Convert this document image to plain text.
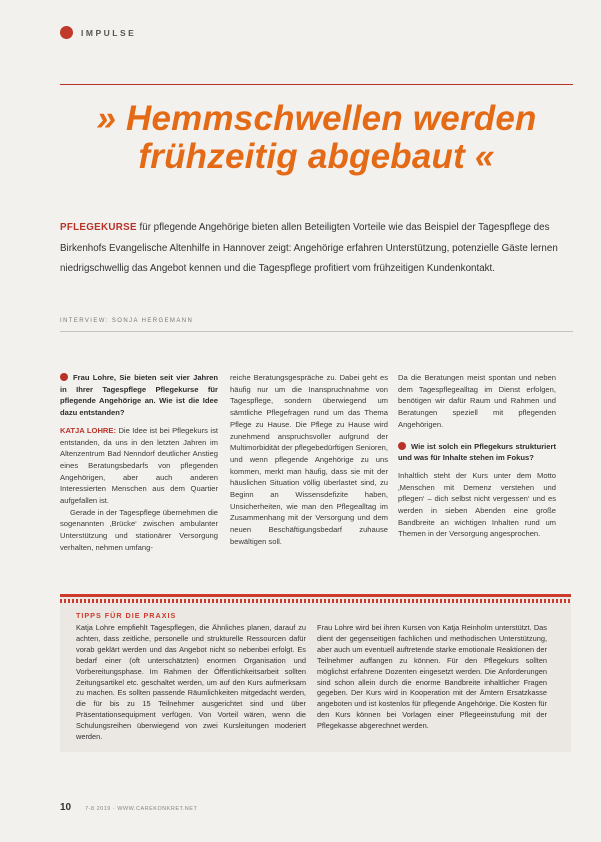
IMPULSE
» Hemmschwellen werden
frühzeitig abgebaut «

PFLEGEKURSE für pflegende Angehörige bieten allen Beteiligten Vorteile wie das Beispiel der Tagespflege des Birkenhofs Evangelische Altenhilfe in Hannover zeigt: Angehörige erfahren Unterstützung, potenzielle Gäste lernen niedrigschwellig das Angebot kennen und die Tagespflege profitiert vom frühzeitigen Kundenkontakt.

INTERVIEW: SONJA HERGEMANN

Frau Lohre, Sie bieten seit vier Jahren in Ihrer Tagespflege Pflegekurse für pflegende Angehörige an. Wie ist die Idee dazu entstanden?

KATJA LOHRE: Die Idee ist bei Pflegekurs ist entstanden, da uns in den letzten Jahren im Altenzentrum Bad Nenndorf deutlicher Anstieg eines Beratungsbedarfs von pflegenden Angehörigen, aber auch anderen Interessierten Menschen aus dem Quartier aufgefallen ist.

Gerade in der Tagespflege übernehmen die sogenannten ‚Brücke‘ zwischen ambulanter Unterstützung und stationärer Versorgung verhalten, nehmen umfang-

reiche Beratungsgespräche zu. Dabei geht es häufig nur um die Inanspruchnahme von Tagespflege, sondern überwiegend um sämtliche Pflegefragen rund um das Thema Pflege zu Hause. Die Pflege zu Hause wird zunehmend anspruchsvoller aufgrund der Multimorbidität der pflegebedürftigen Senioren, und wenn pflegende Angehörige zu uns kommen, merkt man häufig, dass sie mit der häuslichen Situation völlig überlastet sind, zu Beginn an Wissensdefizite haben, Unsicherheiten, wie man den Pflegealltag im Zusammenhang mit der Versorgung und dem neuen Beschäftigungsbedarf zuhause bewältigen soll.

Da die Beratungen meist spontan und neben dem Tagespflegealltag im Dienst erfolgen, benötigen wir dafür Raum und Rahmen und Beratungen speziell mit pflegenden Angehörigen.

Wie ist solch ein Pflegekurs strukturiert und was für Inhalte stehen im Fokus?

Inhaltlich steht der Kurs unter dem Motto ‚Menschen mit Demenz verstehen und pflegen‘ – dich selbst nicht vergessen‘ und es werden in sieben Abenden eine große Bandbreite an wichtigen Inhalten rund um Themen in der Versorgung angesprochen.

TIPPS FÜR DIE PRAXIS

Katja Lohre empfiehlt Tagespflegen, die Ähnliches planen, darauf zu achten, dass zeitliche, personelle und strukturelle Ressourcen dafür vorab geklärt werden und das Angebot nicht so nebenbei erfolgt. Es bedarf einer (oft unterschätzten) enormen Organisation und Vorbereitungsphase. Im Rahmen der Öffentlichkeitsarbeit sollten Zeitungsartikel etc. geschaltet werden, um auf den Kurs aufmerksam zu machen. Es sollten passende Räumlichkeiten mitgedacht werden, die für bis zu 15 Teilnehmer ausgerichtet sind und über Präsentationsequipment verfügen. Von Vorteil wären, wenn die Schulungsreihen überwiegend von zwei Kursleitungen moderiert werden.

Frau Lohre wird bei ihren Kursen von Katja Reinholm unterstützt. Das dient der gegenseitigen fachlichen und methodischen Unterstützung, aber auch um eventuell auftretende starke emotionale Reaktionen der Teilnehmer auffangen zu können. Für den Pflegekurs sollten möglichst erfahrene Dozenten eingesetzt werden. Die Anforderungen sind schon allein durch die enorme Bandbreite inhaltlicher Fragen gegeben. Der Kurs wird in Kooperation mit der Ämtern Ersatzkasse angeboten und ist kostenlos für pflegende Angehörige. Die Kosten für den Kurs können bei Vorlagen einer Pflegeeinstufung mit der Pflegekasse abgerechnet werden.

10	7-8 2019 · WWW.CAREKONKRET.NET
